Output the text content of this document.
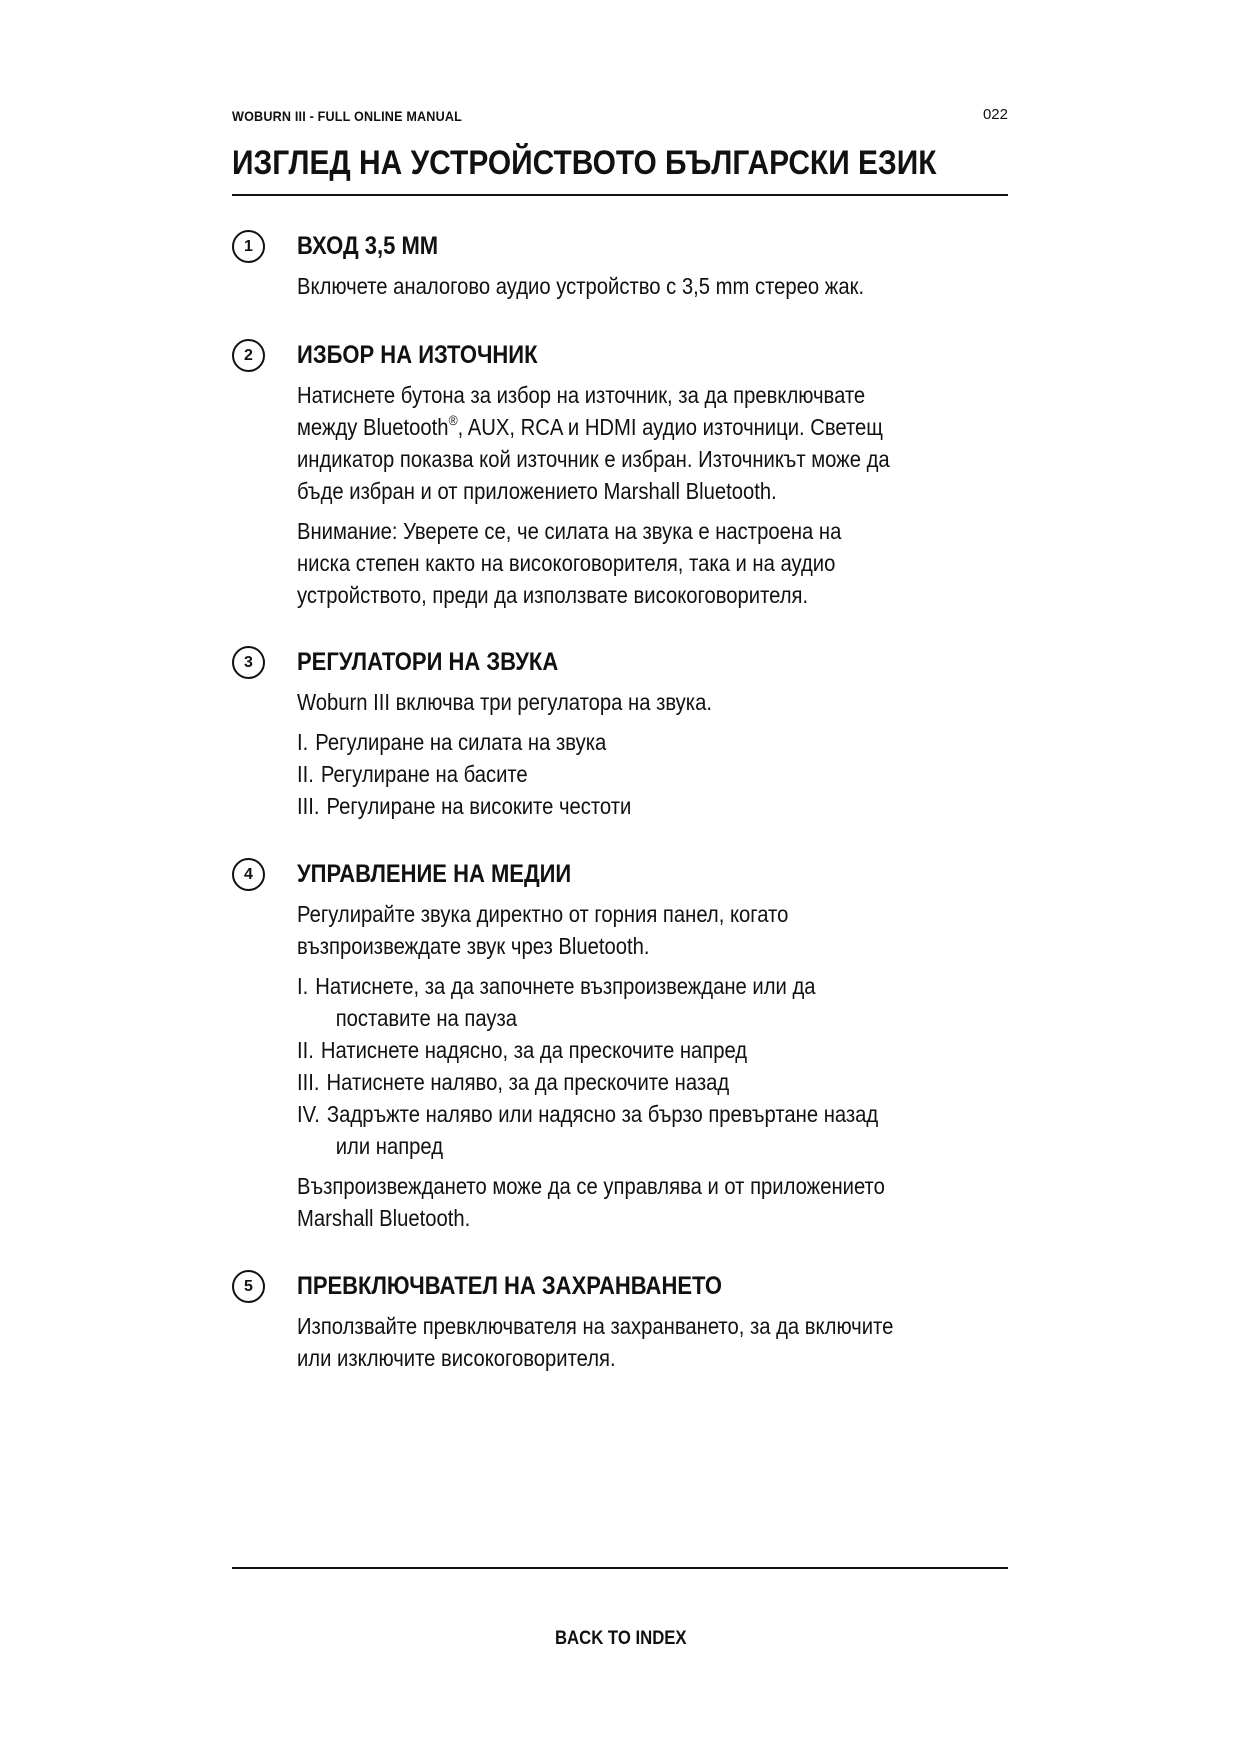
WOBURN III - FULL ONLINE MANUAL	022
ИЗГЛЕД НА УСТРОЙСТВОТО БЪЛГАРСКИ ЕЗИК
1	ВХОД 3,5 ММ

Включете аналогово аудио устройство с 3,5 mm стерео жак.

2	ИЗБОР НА ИЗТОЧНИК

Натиснете бутона за избор на източник, за да превключвате
между Bluetooth®, AUX, RCA и HDMI аудио източници. Светещ
индикатор показва кой източник е избран. Източникът може да
бъде избран и от приложението Marshall Bluetooth.

Внимание: Уверете се, че силата на звука е настроена на
ниска степен както на високоговорителя, така и на аудио
устройството, преди да използвате високоговорителя.

3	РЕГУЛАТОРИ НА ЗВУКА

Woburn III включва три регулатора на звука.

I. Регулиране на силата на звука
II. Регулиране на басите
III. Регулиране на високите честоти
4	УПРАВЛЕНИЕ НА МЕДИИ

Регулирайте звука директно от горния панел, когато
възпроизвеждате звук чрез Bluetooth.

I. Натиснете, за да започнете възпроизвеждане или да
поставите на пауза
II. Натиснете надясно, за да прескочите напред
III. Натиснете наляво, за да прескочите назад
IV. Задръжте наляво или надясно за бързо превъртане назад
или напред

Възпроизвеждането може да се управлява и от приложението
Marshall Bluetooth.

5	ПРЕВКЛЮЧВАТЕЛ НА ЗАХРАНВАНЕТО

Използвайте превключвателя на захранването, за да включите
или изключите високоговорителя.

BACK TO INDEX
